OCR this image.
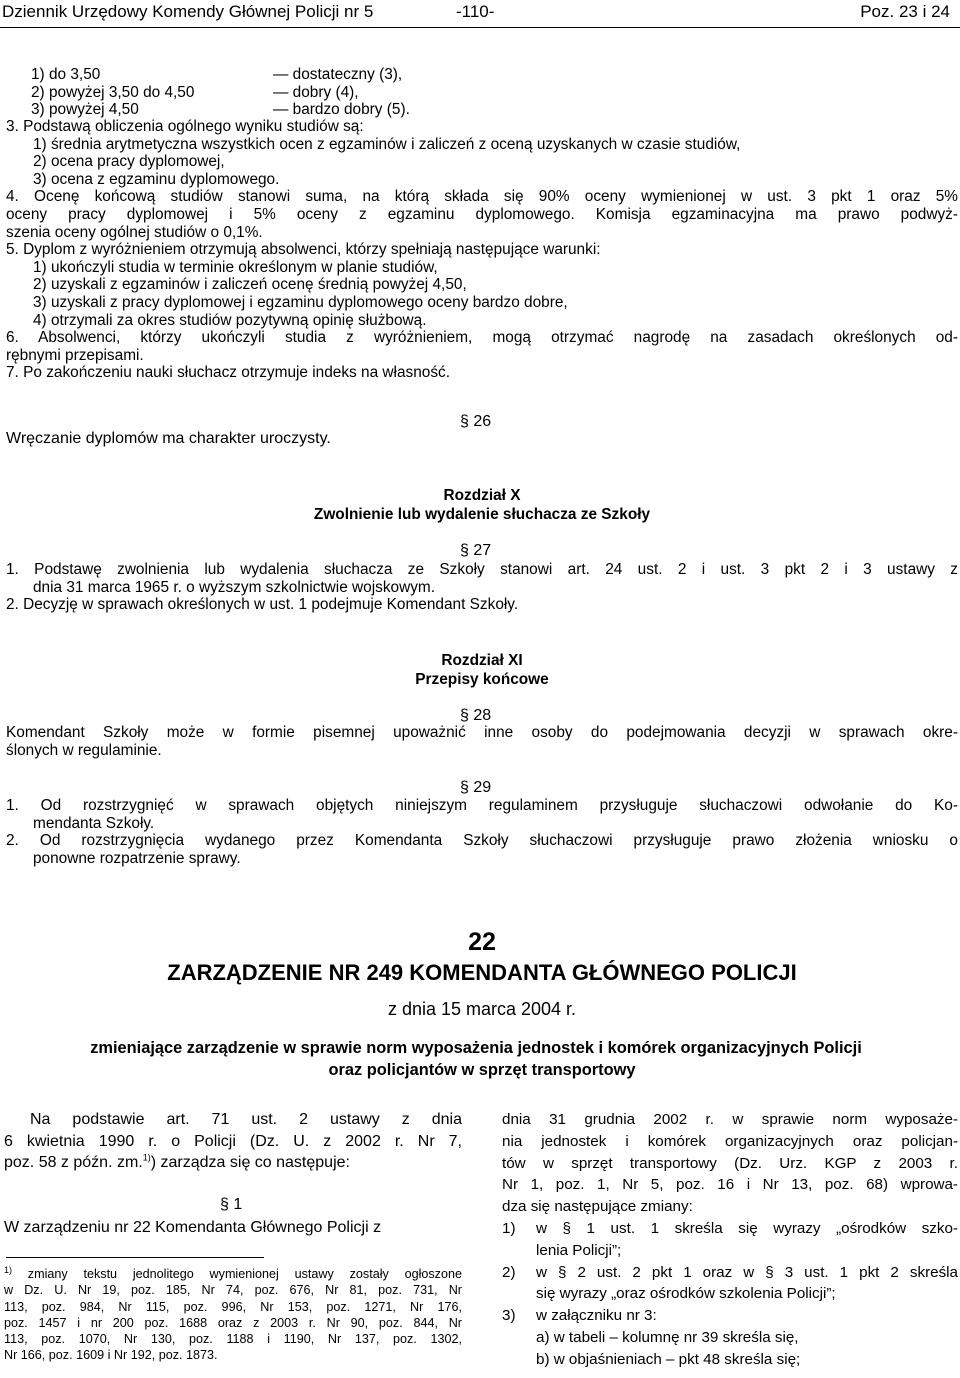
Dziennik Urzędowy Komendy Głównej Policji nr 5	-110-	Poz. 23 i 24
1) do 3,50	— dostateczny (3),
2) powyżej 3,50 do 4,50	— dobry (4),
3) powyżej 4,50	— bardzo dobry (5).
3. Podstawą obliczenia ogólnego wyniku studiów są:
1) średnia arytmetyczna wszystkich ocen z egzaminów i zaliczeń z oceną uzyskanych w czasie studiów,
2) ocena pracy dyplomowej,
3) ocena z egzaminu dyplomowego.
4. Ocenę końcową studiów stanowi suma, na którą składa się 90% oceny wymienionej w ust. 3 pkt 1 oraz 5%
oceny pracy dyplomowej i 5% oceny z egzaminu dyplomowego. Komisja egzaminacyjna ma prawo podwyż-
szenia oceny ogólnej studiów o 0,1%.
5. Dyplom z wyróżnieniem otrzymują absolwenci, którzy spełniają następujące warunki:
1) ukończyli studia w terminie określonym w planie studiów,
2) uzyskali z egzaminów i zaliczeń ocenę średnią powyżej 4,50,
3) uzyskali z pracy dyplomowej i egzaminu dyplomowego oceny bardzo dobre,
4) otrzymali za okres studiów pozytywną opinię służbową.
6. Absolwenci, którzy ukończyli studia z wyróżnieniem, mogą otrzymać nagrodę na zasadach określonych od-
rębnymi przepisami.
7. Po zakończeniu nauki słuchacz otrzymuje indeks na własność.
§ 26
Wręczanie dyplomów ma charakter uroczysty.
Rozdział X
Zwolnienie lub wydalenie słuchacza ze Szkoły
§ 27
1. Podstawę zwolnienia lub wydalenia słuchacza ze Szkoły stanowi art. 24 ust. 2 i ust. 3 pkt 2 i 3 ustawy z
dnia 31 marca 1965 r. o wyższym szkolnictwie wojskowym.
2. Decyzję w sprawach określonych w ust. 1 podejmuje Komendant Szkoły.
Rozdział XI
Przepisy końcowe
§ 28
Komendant Szkoły może w formie pisemnej upoważnić inne osoby do podejmowania decyzji w sprawach okre-
ślonych w regulaminie.
§ 29
1. Od rozstrzygnięć w sprawach objętych niniejszym regulaminem przysługuje słuchaczowi odwołanie do Ko-
mendanta Szkoły.
2. Od rozstrzygnięcia wydanego przez Komendanta Szkoły słuchaczowi przysługuje prawo złożenia wniosku o
ponowne rozpatrzenie sprawy.
22
ZARZĄDZENIE NR 249 KOMENDANTA GŁÓWNEGO POLICJI
z dnia 15 marca 2004 r.
zmieniające zarządzenie w sprawie norm wyposażenia jednostek i komórek organizacyjnych Policji
oraz policjantów w sprzęt transportowy
Na podstawie art. 71 ust. 2 ustawy z dnia
6 kwietnia 1990 r. o Policji (Dz. U. z 2002 r. Nr 7,
poz. 58 z późn. zm.$^{1)}$) zarządza się co następuje:
§ 1
W zarządzeniu nr 22 Komendanta Głównego Policji z
$^{1)}$ zmiany tekstu jednolitego wymienionej ustawy zostały ogłoszone
w Dz. U. Nr 19, poz. 185, Nr 74, poz. 676, Nr 81, poz. 731, Nr
113, poz. 984, Nr 115, poz. 996, Nr 153, poz. 1271, Nr 176,
poz. 1457 i nr 200 poz. 1688 oraz z 2003 r. Nr 90, poz. 844, Nr
113, poz. 1070, Nr 130, poz. 1188 i 1190, Nr 137, poz. 1302,
Nr 166, poz. 1609 i Nr 192, poz. 1873.
dnia 31 grudnia 2002 r. w sprawie norm wyposaże-
nia jednostek i komórek organizacyjnych oraz policjan-
tów w sprzęt transportowy (Dz. Urz. KGP z 2003 r.
Nr 1, poz. 1, Nr 5, poz. 16 i Nr 13, poz. 68) wprowa-
dza się następujące zmiany:
1) w § 1 ust. 1 skreśla się wyrazy „ośrodków szko-
lenia Policji”;
2) w § 2 ust. 2 pkt 1 oraz w § 3 ust. 1 pkt 2 skreśla
się wyrazy „oraz ośrodków szkolenia Policji”;
3) w załączniku nr 3:
a) w tabeli – kolumnę nr 39 skreśla się,
b) w objaśnieniach – pkt 48 skreśla się;
